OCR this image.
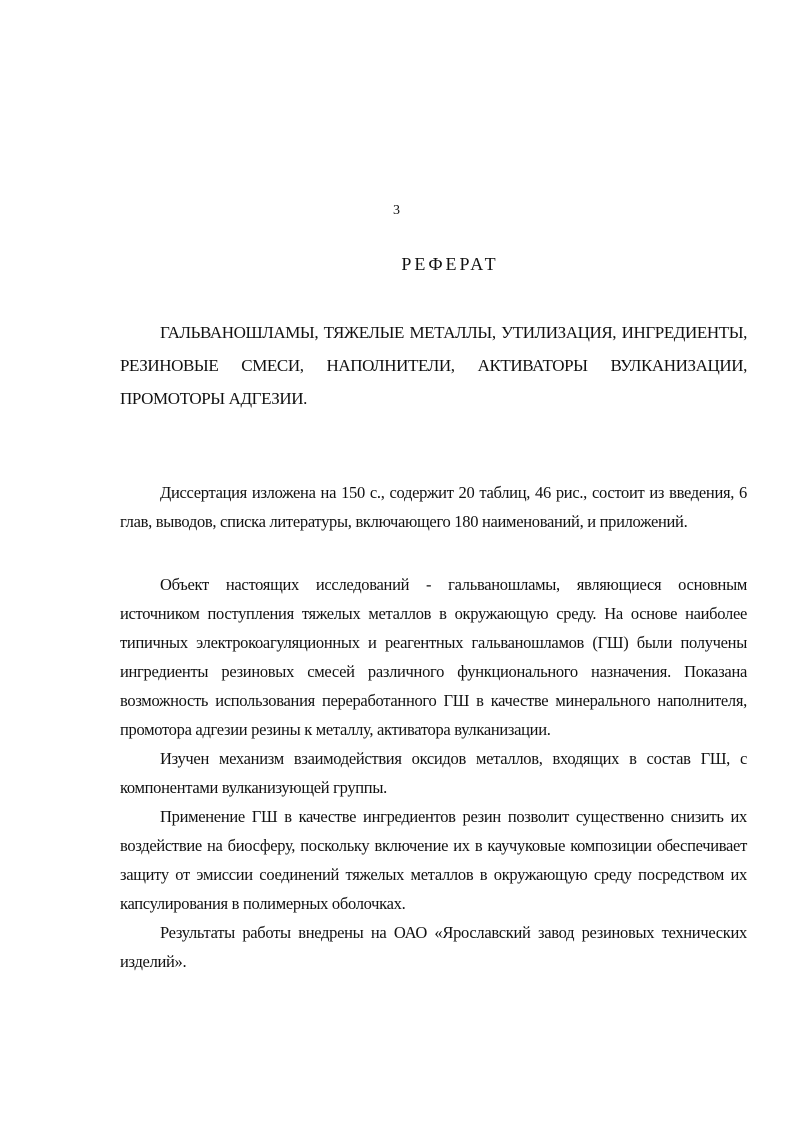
3
РЕФЕРАТ
ГАЛЬВАНОШЛАМЫ, ТЯЖЕЛЫЕ МЕТАЛЛЫ, УТИЛИЗАЦИЯ, ИНГРЕДИЕНТЫ, РЕЗИНОВЫЕ СМЕСИ, НАПОЛНИТЕЛИ, АКТИВАТОРЫ ВУЛКАНИЗАЦИИ, ПРОМОТОРЫ АДГЕЗИИ.

Диссертация изложена на 150 с., содержит 20 таблиц, 46 рис., состоит из введения, 6 глав, выводов, списка литературы, включающего 180 наименований, и приложений.

Объект настоящих исследований - гальваношламы, являющиеся основным источником поступления тяжелых металлов в окружающую среду. На основе наиболее типичных электрокоагуляционных и реагентных гальваношламов (ГШ) были получены ингредиенты резиновых смесей различного функционального назначения. Показана возможность использования переработанного ГШ в качестве минерального наполнителя, промотора адгезии резины к металлу, активатора вулканизации.

Изучен механизм взаимодействия оксидов металлов, входящих в состав ГШ, с компонентами вулканизующей группы.

Применение ГШ в качестве ингредиентов резин позволит существенно снизить их воздействие на биосферу, поскольку включение их в каучуковые композиции обеспечивает защиту от эмиссии соединений тяжелых металлов в окружающую среду посредством их капсулирования в полимерных оболочках.

Результаты работы внедрены на ОАО «Ярославский завод резиновых технических изделий».
